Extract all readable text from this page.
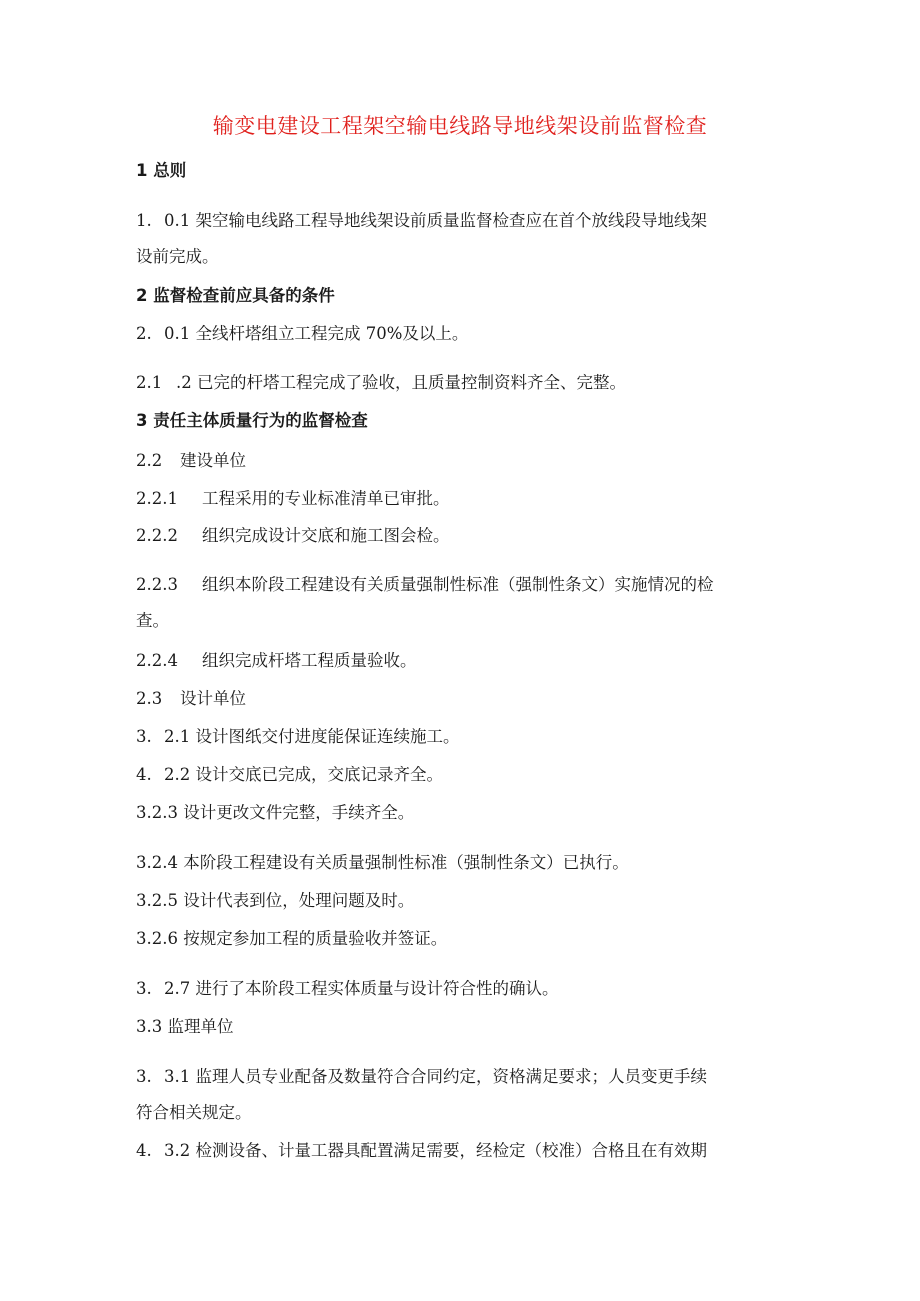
输变电建设工程架空输电线路导地线架设前监督检查
1 总则
1. 0.1 架空输电线路工程导地线架设前质量监督检查应在首个放线段导地线架
设前完成。
2 监督检查前应具备的条件
2. 0.1 全线杆塔组立工程完成 70%及以上。
2.1 .2 已完的杆塔工程完成了验收，且质量控制资料齐全、完整。
3 责任主体质量行为的监督检查
2.2 建设单位
2.2.1 工程采用的专业标准清单已审批。
2.2.2 组织完成设计交底和施工图会检。
2.2.3 组织本阶段工程建设有关质量强制性标准（强制性条文）实施情况的检
查。
2.2.4 组织完成杆塔工程质量验收。
2.3 设计单位
3. 2.1 设计图纸交付进度能保证连续施工。
4. 2.2 设计交底已完成，交底记录齐全。
3.2.3 设计更改文件完整，手续齐全。
3.2.4 本阶段工程建设有关质量强制性标准（强制性条文）已执行。
3.2.5 设计代表到位，处理问题及时。
3.2.6 按规定参加工程的质量验收并签证。
3. 2.7 进行了本阶段工程实体质量与设计符合性的确认。
3.3 监理单位
3. 3.1 监理人员专业配备及数量符合合同约定，资格满足要求；人员变更手续
符合相关规定。
4. 3.2 检测设备、计量工器具配置满足需要，经检定（校准）合格且在有效期
